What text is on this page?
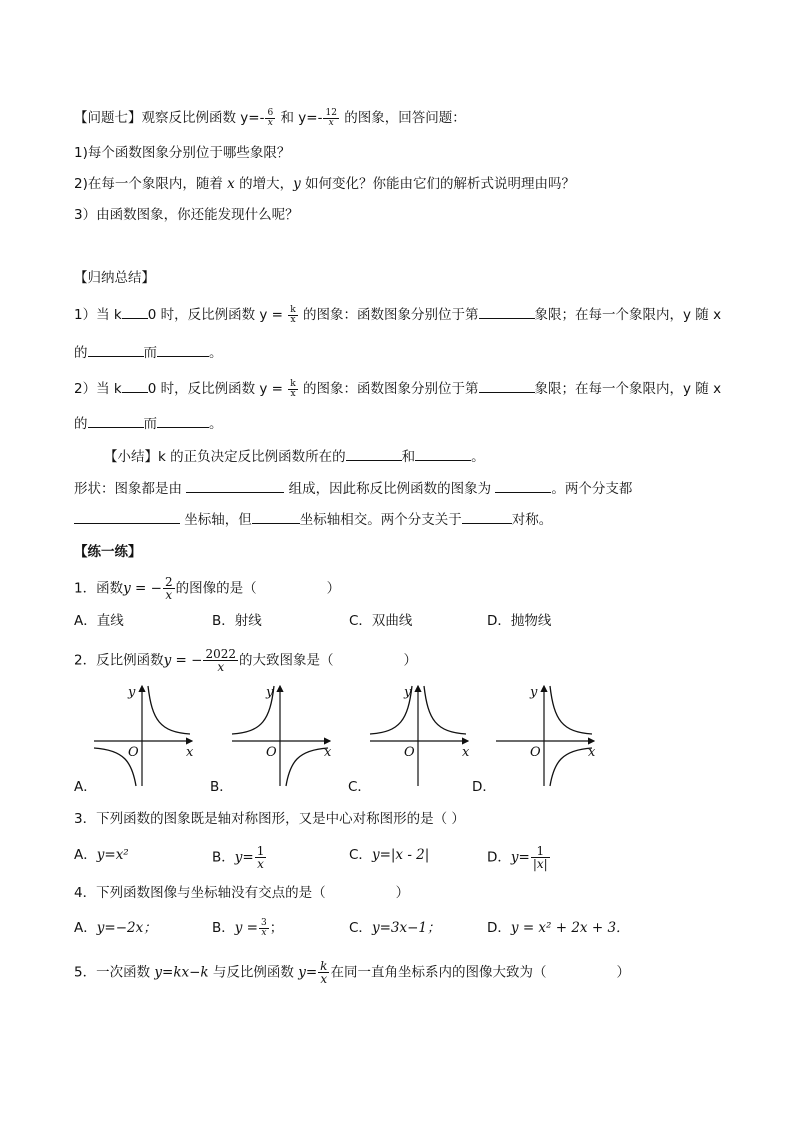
【问题七】观察反比例函数 $y=- \frac{6}{x}$ 和 $y=- \frac{12}{x}$ 的图象，回答问题：
1)每个函数图象分别位于哪些象限？
2)在每一个象限内，随着 x 的增大，y 如何变化？你能由它们的解析式说明理由吗？
3）由函数图象，你还能发现什么呢？
【归纳总结】
1）当 k 0 时，反比例函数 $y = \frac{k}{x}$ 的图象：函数图象分别位于第	象限；在每一个象限内，y 随 x
的	而	。
2）当 k 0 时，反比例函数 $y = \frac{k}{x}$ 的图象：函数图象分别位于第	象限；在每一个象限内，y 随 x
的	而	。
【小结】k 的正负决定反比例函数所在的	和	。
形状：图象都是由	组成，因此称反比例函数的图象为	。两个分支都
坐标轴，但	坐标轴相交。两个分支关于	对称。
【练一练】
1．函数y = − $\frac{2}{x}$ 的图像的是（	）
A．直线	B．射线	C．双曲线	D．抛物线
2．反比例函数y = − $\frac{2022}{x}$ 的大致图象是（	）
y
x
O
y
x
O
y
x
O
y
x
O
A．	B．	C．	D．
3．下列函数的图象既是轴对称图形，又是中心对称图形的是（ ）
A．y=x²	B．$y= \frac{1}{x}$	C．y=|x - 2|	D．$y= \frac{1}{|x|}$
4．下列函数图像与坐标轴没有交点的是（	）
A．y=−2x；	B．$y = \frac{3}{x}$ ；	C．y=3x−1；	D．y = x² + 2x + 3．
5．一次函数 y=kx−k 与反比例函数 $y= \frac{k}{x}$ 在同一直角坐标系内的图像大致为（	）
